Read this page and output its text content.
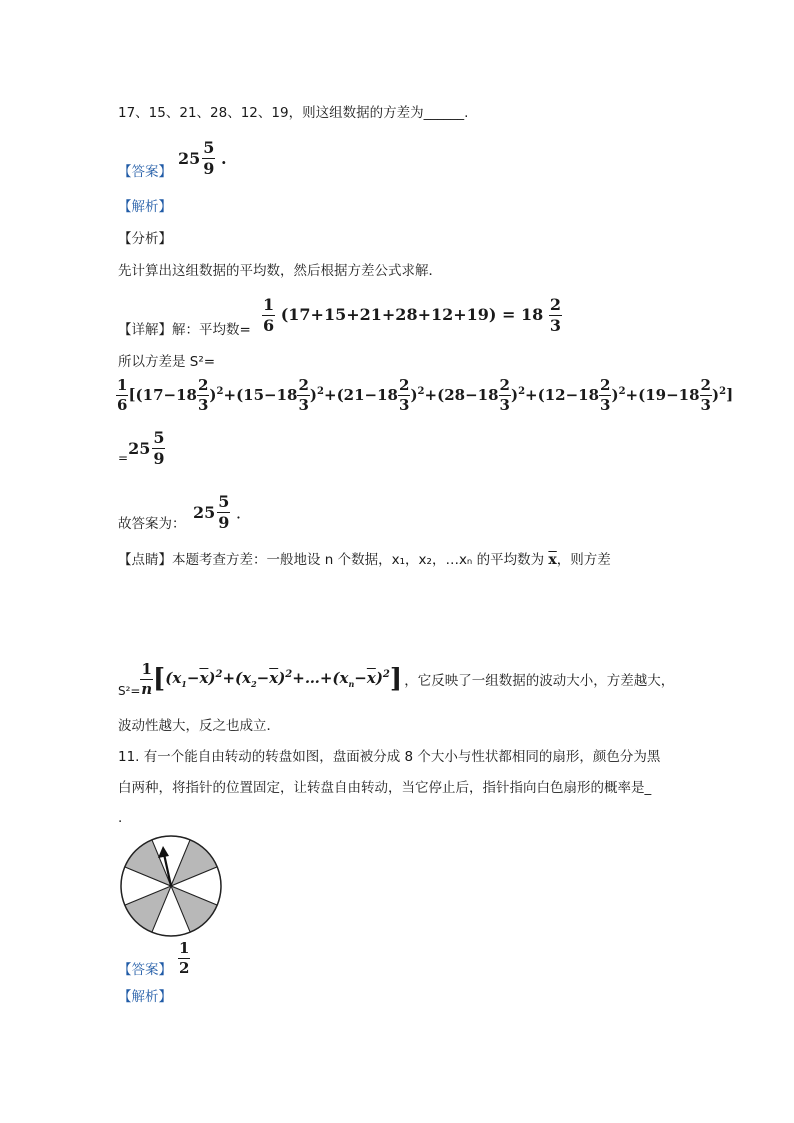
17、15、21、28、12、19，则这组数据的方差为______.
【答案】
$25 \frac{5}{9}$ .
【解析】
【分析】
先计算出这组数据的平均数，然后根据方差公式求解．
【详解】解：平均数= $\frac{1}{6} (17+15+21+28+12+19) = 18 \frac{2}{3}$
所以方差是 S²=
$\frac{1}{6} [(17-18 \frac{2}{3} )^2+(15-18 \frac{2}{3} )^2+(21-18 \frac{2}{3} )^2+(28-18 \frac{2}{3} )^2+(12-18 \frac{2}{3} )^2+(19-18 \frac{2}{3} )^2]$
= $25 \frac{5}{9}$
故答案为：
$25 \frac{5}{9}$ ．
【点睛】本题考查方差：一般地设 n 个数据，x₁，x₂，…xₙ 的平均数为 $\overline{x}$，则方差
$S^2= \frac{1}{n}$ [ $(x_1-\overline{x})^2+(x_2-\overline{x})^2+\dots+(x_n-\overline{x})^2$ ] ，它反映了一组数据的波动大小，方差越大，
波动性越大，反之也成立．
11. 有一个能自由转动的转盘如图，盘面被分成 8 个大小与性状都相同的扇形，颜色分为黑
白两种，将指针的位置固定，让转盘自由转动，当它停止后，指针指向白色扇形的概率是_
.
【答案】 $\frac{1}{2}$
【解析】
